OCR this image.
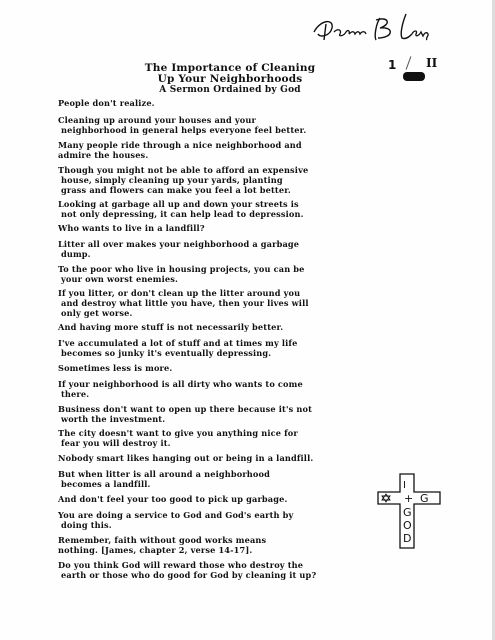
1 II
The Importance of Cleaning
Up Your Neighborhoods
A Sermon Ordained by God
People don't realize.
Cleaning up around your houses and your
neighborhood in general helps everyone feel better.
Many people ride through a nice neighborhood and
admire the houses.
Though you might not be able to afford an expensive
house, simply cleaning up your yards, planting
grass and flowers can make you feel a lot better.
Looking at garbage all up and down your streets is
not only depressing, it can help lead to depression.
Who wants to live in a landfill?
Litter all over makes your neighborhood a garbage
dump.
To the poor who live in housing projects, you can be
your own worst enemies.
If you litter, or don't clean up the litter around you
and destroy what little you have, then your lives will
only get worse.
And having more stuff is not necessarily better.
I've accumulated a lot of stuff and at times my life
becomes so junky it's eventually depressing.
Sometimes less is more.
If your neighborhood is all dirty who wants to come
there.
Business don't want to open up there because it's not
worth the investment.
The city doesn't want to give you anything nice for
fear you will destroy it.
Nobody smart likes hanging out or being in a landfill.
But when litter is all around a neighborhood
becomes a landfill.
And don't feel your too good to pick up garbage.
You are doing a service to God and God's earth by
doing this.
Remember, faith without good works means
nothing. [James, chapter 2, verse 14-17].
Do you think God will reward those who destroy the
earth or those who do good for God by cleaning it up?
I
+ G
G
O
D
